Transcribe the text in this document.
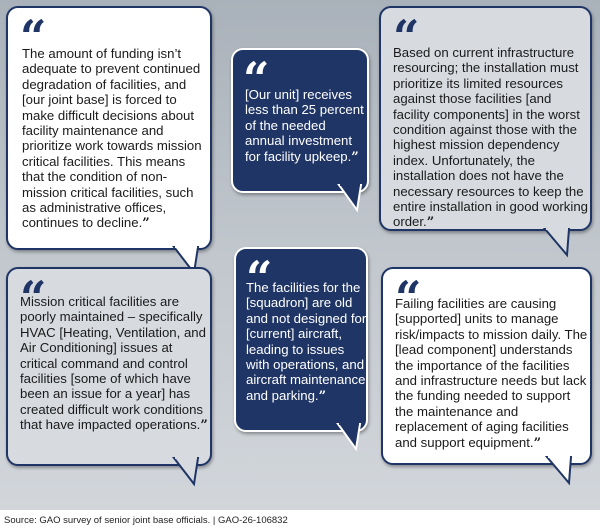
“

The amount of funding isn’t adequate to prevent continued degradation of facilities, and [our joint base] is forced to make difficult decisions about facility maintenance and prioritize work towards mission critical facilities. This means that the condition of non-mission critical facilities, such as administrative offices, continues to decline.”

“

[Our unit] receives less than 25 percent of the needed annual investment for facility upkeep.”

“

Based on current infrastructure resourcing; the installation must prioritize its limited resources against those facilities [and facility components] in the worst condition against those with the highest mission dependency index. Unfortunately, the installation does not have the necessary resources to keep the entire installation in good working order.”

“

Mission critical facilities are poorly maintained – specifically HVAC [Heating, Ventilation, and Air Conditioning] issues at critical command and control facilities [some of which have been an issue for a year] has created difficult work conditions that have impacted operations.”

“

The facilities for the [squadron] are old and not designed for [current] aircraft, leading to issues with operations, and aircraft maintenance and parking.”

“

Failing facilities are causing [supported] units to manage risk/impacts to mission daily. The [lead component] understands the importance of the facilities and infrastructure needs but lack the funding needed to support the maintenance and replacement of aging facilities and support equipment.”

Source: GAO survey of senior joint base officials. | GAO-26-106832
